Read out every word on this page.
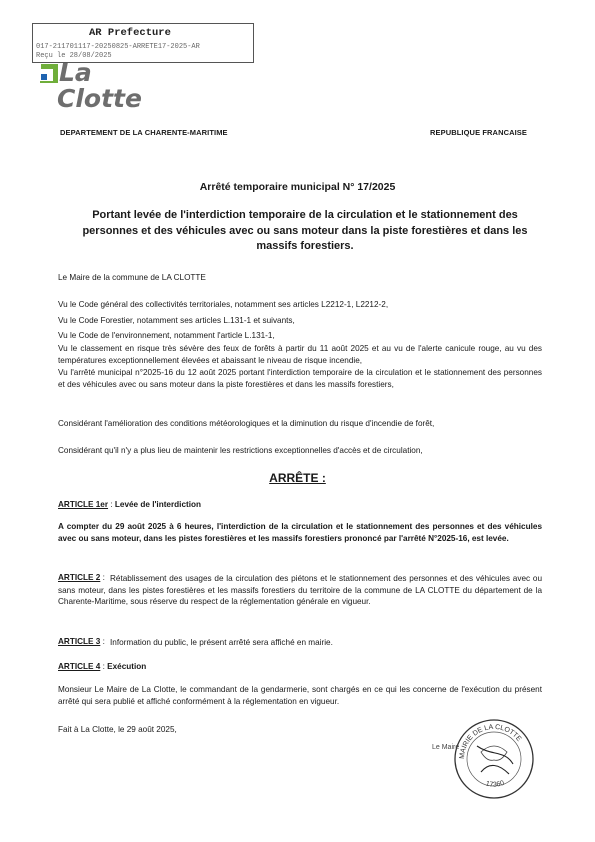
AR Prefecture
017-211701117-20250825-ARRETE17-2025-AR
Reçu le 28/08/2025
La
Clotte
DEPARTEMENT DE LA CHARENTE-MARITIME	REPUBLIQUE FRANCAISE
Arrêté temporaire municipal N° 17/2025
Portant levée de l'interdiction temporaire de la circulation et le stationnement des personnes et des véhicules avec ou sans moteur dans la piste forestières et dans les massifs forestiers.
Le Maire de la commune de LA CLOTTE
Vu le Code général des collectivités territoriales, notamment ses articles L2212-1, L2212-2,
Vu le Code Forestier, notamment ses articles L.131-1 et suivants,
Vu le Code de l'environnement, notamment l'article L.131-1,
Vu le classement en risque très sévère des feux de forêts à partir du 11 août 2025 et au vu de l'alerte canicule rouge, au vu des températures exceptionnellement élevées et abaissant le niveau de risque incendie,
Vu l'arrêté municipal n°2025-16 du 12 août 2025 portant l'interdiction temporaire de la circulation et le stationnement des personnes et des véhicules avec ou sans moteur dans la piste forestières et dans les massifs forestiers,
Considérant l'amélioration des conditions météorologiques et la diminution du risque d'incendie de forêt,
Considérant qu'il n'y a plus lieu de maintenir les restrictions exceptionnelles d'accès et de circulation,
ARRÊTE :
ARTICLE 1er : Levée de l'interdiction
A compter du 29 août 2025 à 6 heures, l'interdiction de la circulation et le stationnement des personnes et des véhicules avec ou sans moteur, dans les pistes forestières et les massifs forestiers prononcé par l'arrêté N°2025-16, est levée.
ARTICLE 2 : Rétablissement des usages de la circulation des piétons et le stationnement des personnes et des véhicules avec ou sans moteur, dans les pistes forestières et les massifs forestiers du territoire de la commune de LA CLOTTE du département de la Charente-Maritime, sous réserve du respect de la réglementation générale en vigueur.
ARTICLE 3 : Information du public, le présent arrêté sera affiché en mairie.
ARTICLE 4 : Exécution
Monsieur Le Maire de La Clotte, le commandant de la gendarmerie, sont chargés en ce qui les concerne de l'exécution du présent arrêté qui sera publié et affiché conformément à la réglementation en vigueur.
Fait à La Clotte, le 29 août 2025,
MAIRIE DE LA CLOTTE
17360
Le Maire
